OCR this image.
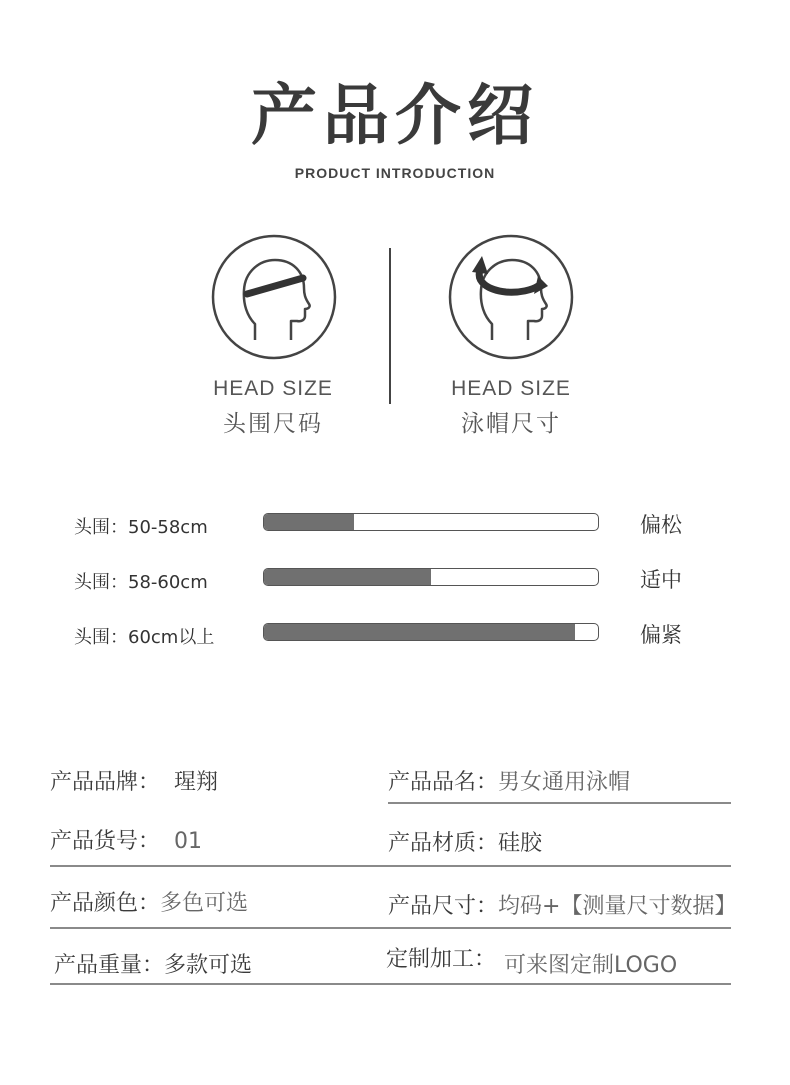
产品介绍
PRODUCT INTRODUCTION
HEAD SIZE
头围尺码
HEAD SIZE
泳帽尺寸
头围：50-58cm	偏松
头围：58-60cm	适中
头围：60cm以上	偏紧
产品品牌： 瑆翔	产品品名：男女通用泳帽
产品货号： 01	产品材质：硅胶
产品颜色：多色可选	产品尺寸：均码+【测量尺寸数据】
产品重量：多款可选	定制加工： 可来图定制LOGO
